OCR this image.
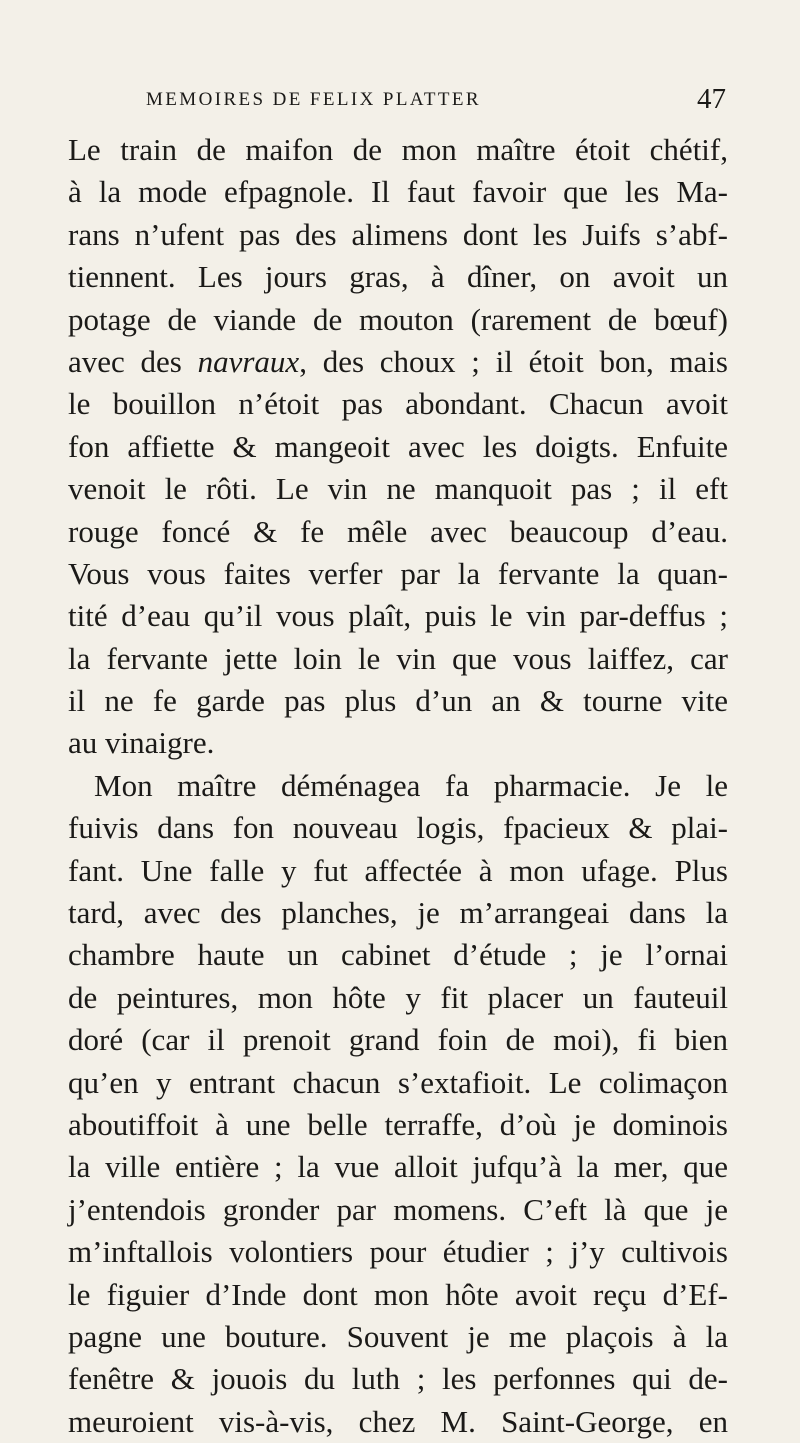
MEMOIRES DE FELIX PLATTER	47
Le train de maifon de mon maître étoit chétif,
à la mode efpagnole. Il faut favoir que les Ma-
rans n’ufent pas des alimens dont les Juifs s’abf-
tiennent. Les jours gras, à dîner, on avoit un
potage de viande de mouton (rarement de bœuf)
avec des navraux, des choux ; il étoit bon, mais
le bouillon n’étoit pas abondant. Chacun avoit
fon affiette & mangeoit avec les doigts. Enfuite
venoit le rôti. Le vin ne manquoit pas ; il eft
rouge foncé & fe mêle avec beaucoup d’eau.
Vous vous faites verfer par la fervante la quan-
tité d’eau qu’il vous plaît, puis le vin par-deffus ;
la fervante jette loin le vin que vous laiffez, car
il ne fe garde pas plus d’un an & tourne vite
au vinaigre.
Mon maître déménagea fa pharmacie. Je le
fuivis dans fon nouveau logis, fpacieux & plai-
fant. Une falle y fut affectée à mon ufage. Plus
tard, avec des planches, je m’arrangeai dans la
chambre haute un cabinet d’étude ; je l’ornai
de peintures, mon hôte y fit placer un fauteuil
doré (car il prenoit grand foin de moi), fi bien
qu’en y entrant chacun s’extafioit. Le colimaçon
aboutiffoit à une belle terraffe, d’où je dominois
la ville entière ; la vue alloit jufqu’à la mer, que
j’entendois gronder par momens. C’eft là que je
m’inftallois volontiers pour étudier ; j’y cultivois
le figuier d’Inde dont mon hôte avoit reçu d’Ef-
pagne une bouture. Souvent je me plaçois à la
fenêtre & jouois du luth ; les perfonnes qui de-
meuroient vis-à-vis, chez M. Saint-George, en
